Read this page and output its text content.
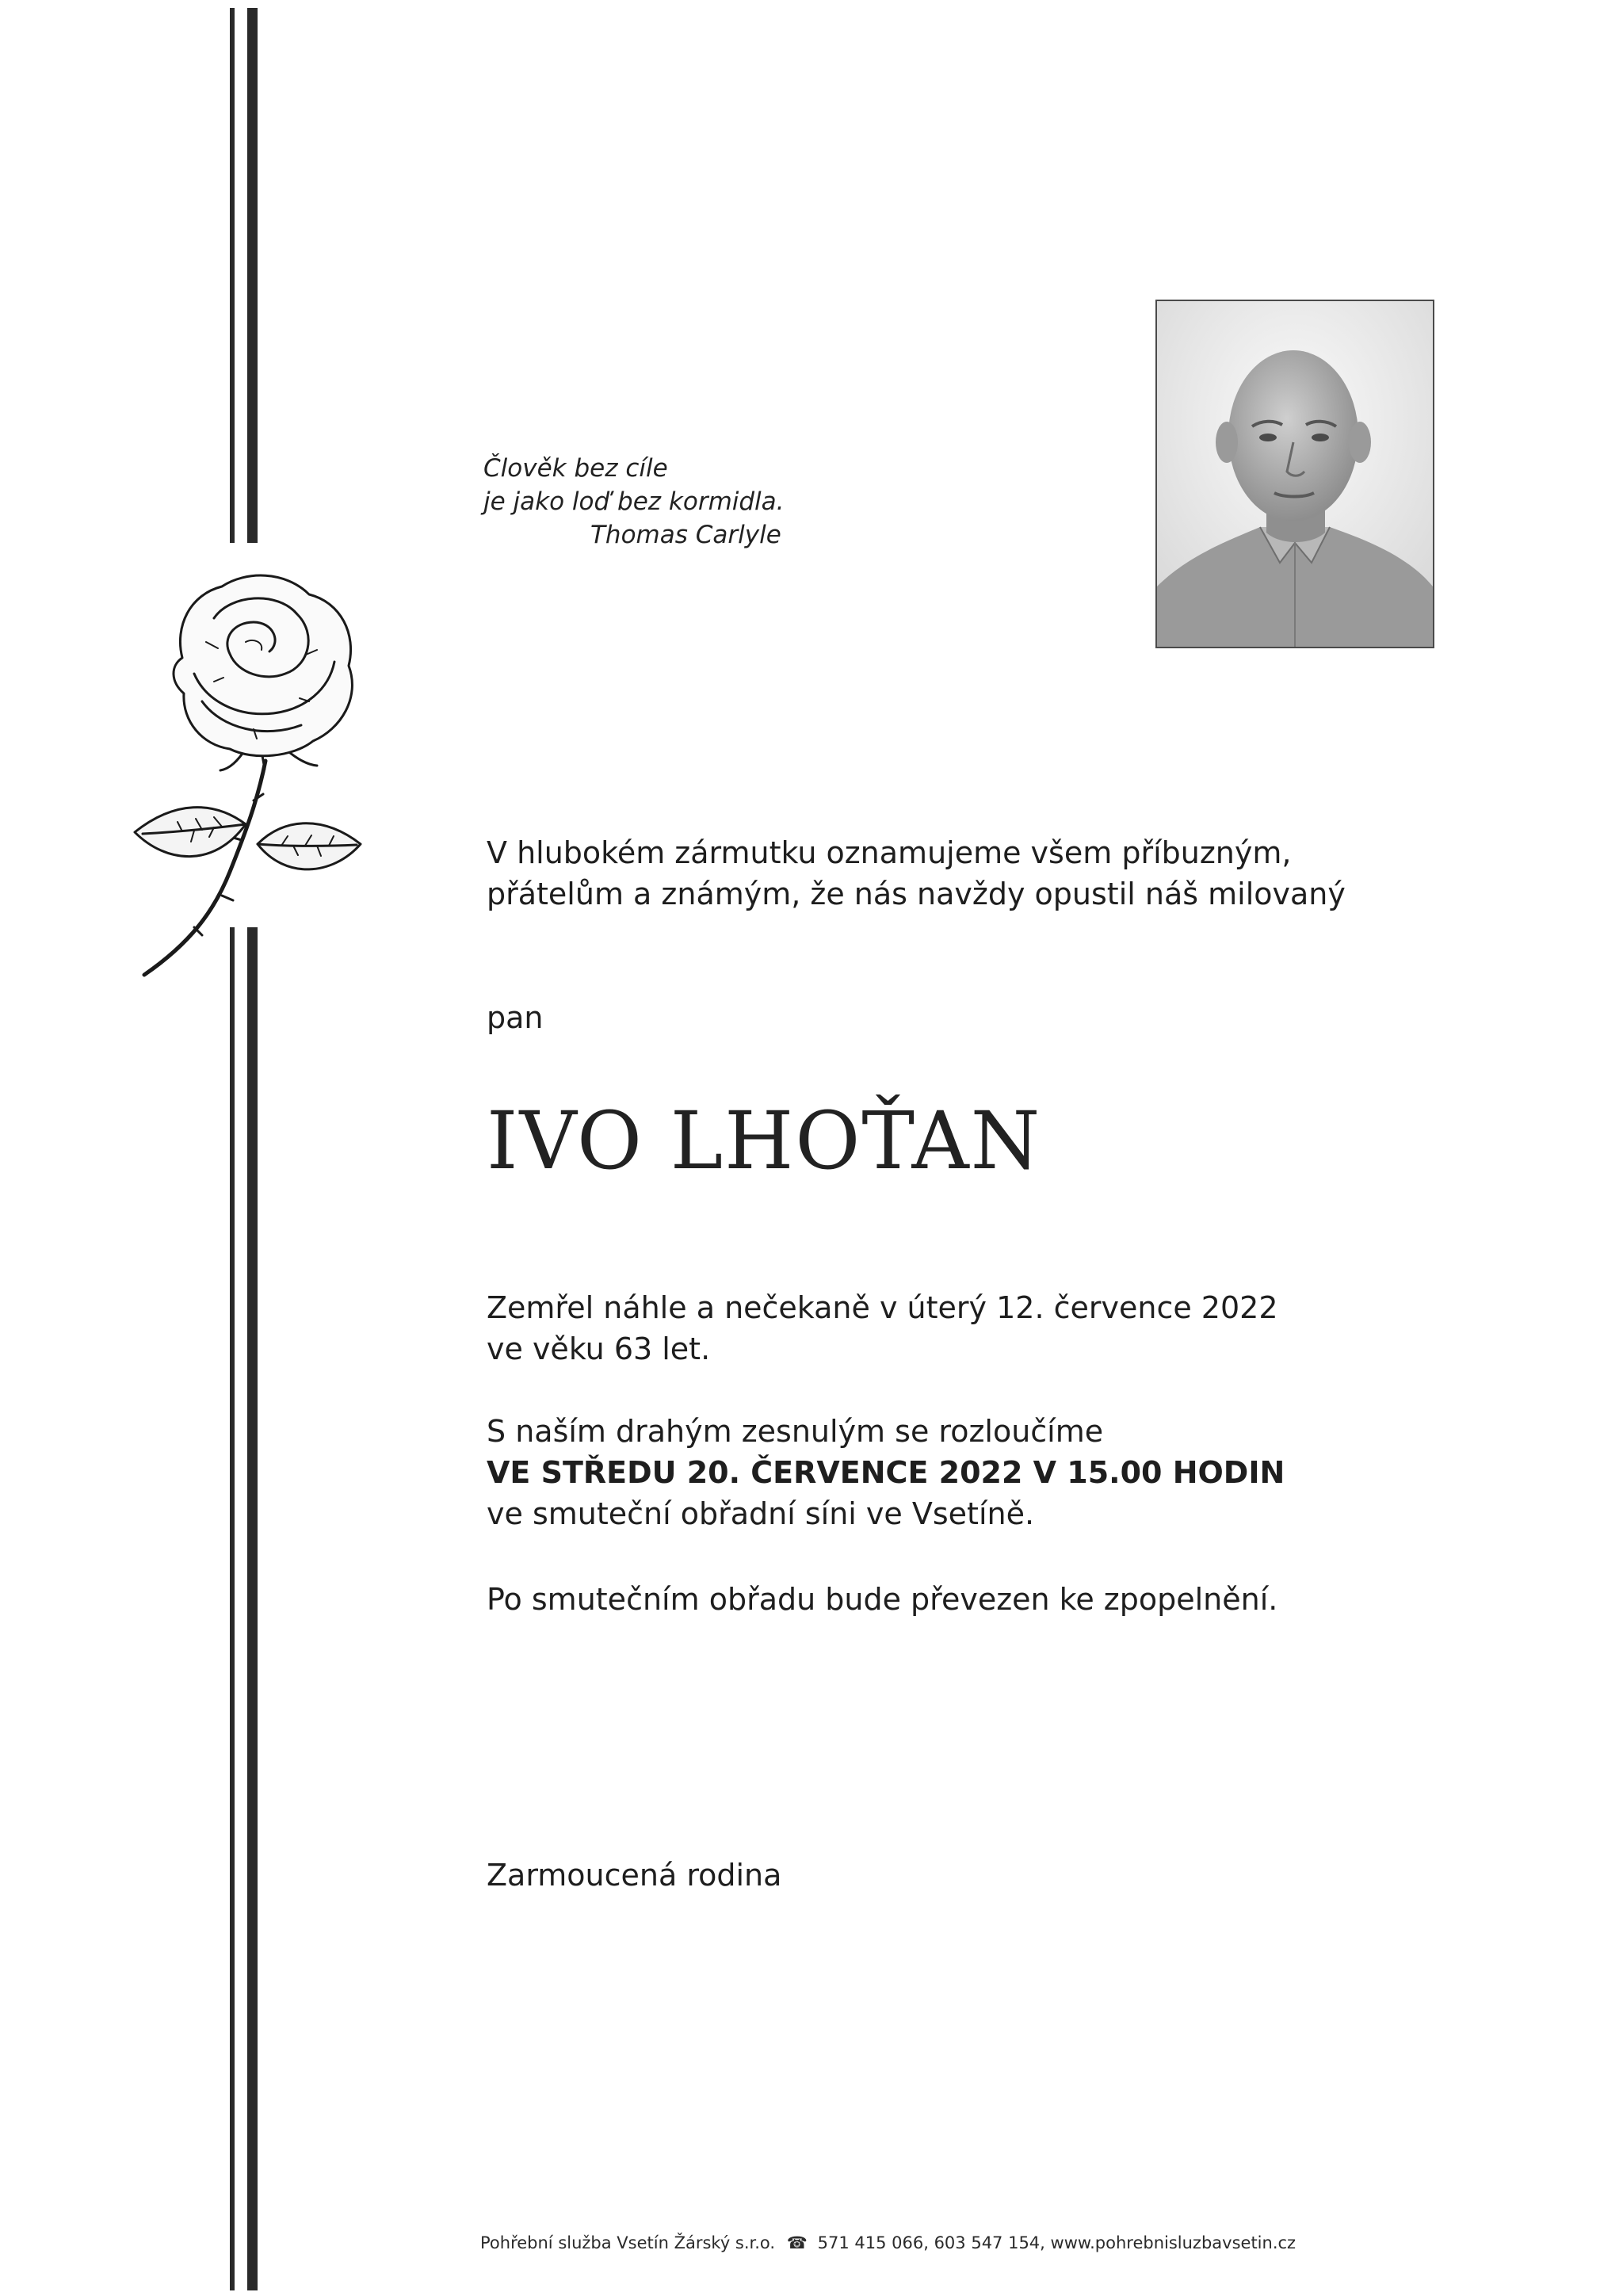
Člověk bez cíle
je jako loď bez kormidla.

Thomas Carlyle
V hlubokém zármutku oznamujeme všem příbuzným,
přátelům a známým, že nás navždy opustil náš milovaný
pan
IVO LHOŤAN
Zemřel náhle a nečekaně v úterý 12. července 2022
ve věku 63 let.
S naším drahým zesnulým se rozloučíme
VE STŘEDU 20. ČERVENCE 2022 V 15.00 HODIN
ve smuteční obřadní síni ve Vsetíně.
Po smutečním obřadu bude převezen ke zpopelnění.
Zarmoucená rodina
Pohřební služba Vsetín Žárský s.r.o. ☎ 571 415 066, 603 547 154, www.pohrebnisluzbavsetin.cz
